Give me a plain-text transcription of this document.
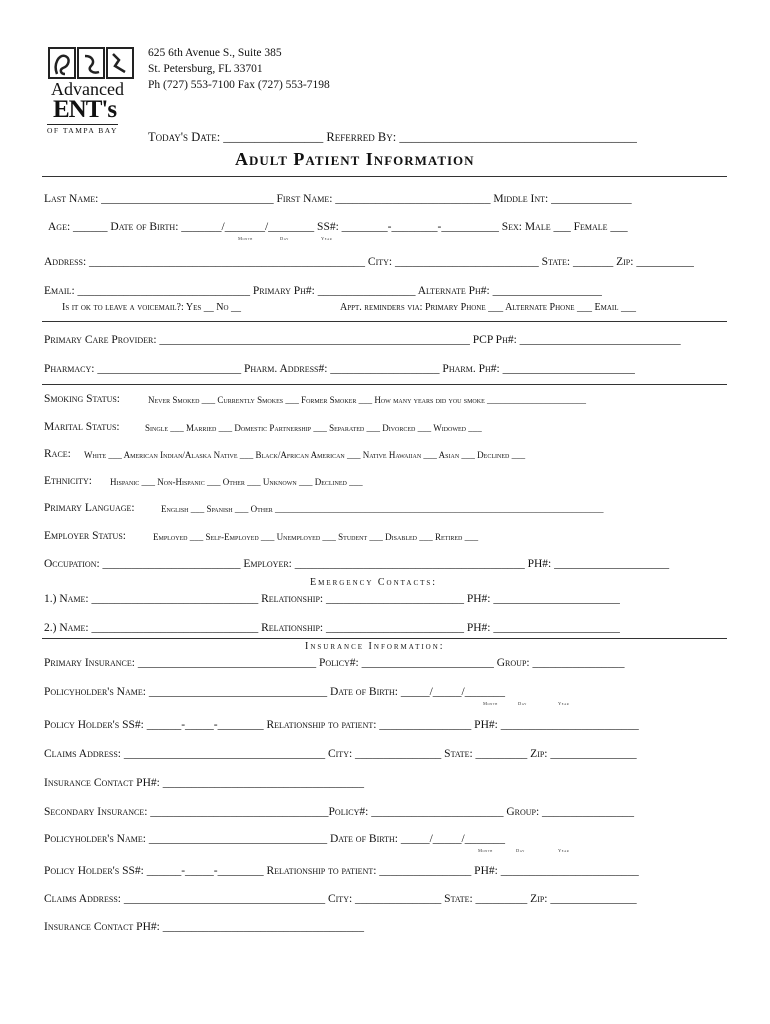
Advanced
ENT's
OF TAMPA BAY
625 6th Avenue S., Suite 385
St. Petersburg, FL 33701
Ph (727) 553-7100 Fax (727) 553-7198
Today's Date: ________________ Referred By: ______________________________________
Adult Patient Information
Last Name: ______________________________ First Name: ___________________________ Middle Int: ______________
Age: ______ Date of Birth: _______/_______/________ SS#: ________-________-__________ Sex: Male ___ Female ___
Month	Day	Year
Address: ________________________________________________ City: _________________________ State: _______ Zip: __________
Email: ______________________________ Primary Ph#: _________________ Alternate Ph#: ___________________
Is it ok to leave a voicemail?: Yes __ No __	Appt. reminders via: Primary Phone ___ Alternate Phone ___ Email ___
Primary Care Provider: ______________________________________________________ PCP Ph#: ____________________________
Pharmacy: _________________________ Pharm. Address#: ___________________ Pharm. Ph#: _______________________
Smoking Status:	Never Smoked ___ Currently Smokes ___ Former Smoker ___ How many years did you smoke ______________________
Marital Status:	Single ___ Married ___ Domestic Partnership ___ Separated ___ Divorced ___ Widowed ___
Race: White ___ American Indian/Alaska Native ___ Black/African American ___ Native Hawaiian ___ Asian ___ Declined ___
Ethnicity: Hispanic ___ Non-Hispanic ___ Other ___ Unknown ___ Declined ___
Primary Language:	English ___ Spanish ___ Other _________________________________________________________________________
Employer Status:	Employed ___ Self-Employed ___ Unemployed ___ Student ___ Disabled ___ Retired ___
Occupation: ________________________ Employer: ________________________________________ PH#: ____________________
Emergency Contacts:
1.) Name: _____________________________ Relationship: ________________________ PH#: ______________________
2.) Name: _____________________________ Relationship: ________________________ PH#: ______________________
Insurance Information:
Primary Insurance: _______________________________ Policy#: _______________________ Group: ________________
Policyholder's Name: _______________________________ Date of Birth: _____/_____/_______
Month	Day	Year
Policy Holder's SS#: ______-_____-________ Relationship to patient: ________________ PH#: ________________________
Claims Address: ___________________________________ City: _______________ State: _________ Zip: _______________
Insurance Contact PH#: ___________________________________
Secondary Insurance: _______________________________Policy#: _______________________ Group: ________________
Policyholder's Name: _______________________________ Date of Birth: _____/_____/_______
Month	Day	Year
Policy Holder's SS#: ______-_____-________ Relationship to patient: ________________ PH#: ________________________
Claims Address: ___________________________________ City: _______________ State: _________ Zip: _______________
Insurance Contact PH#: ___________________________________
